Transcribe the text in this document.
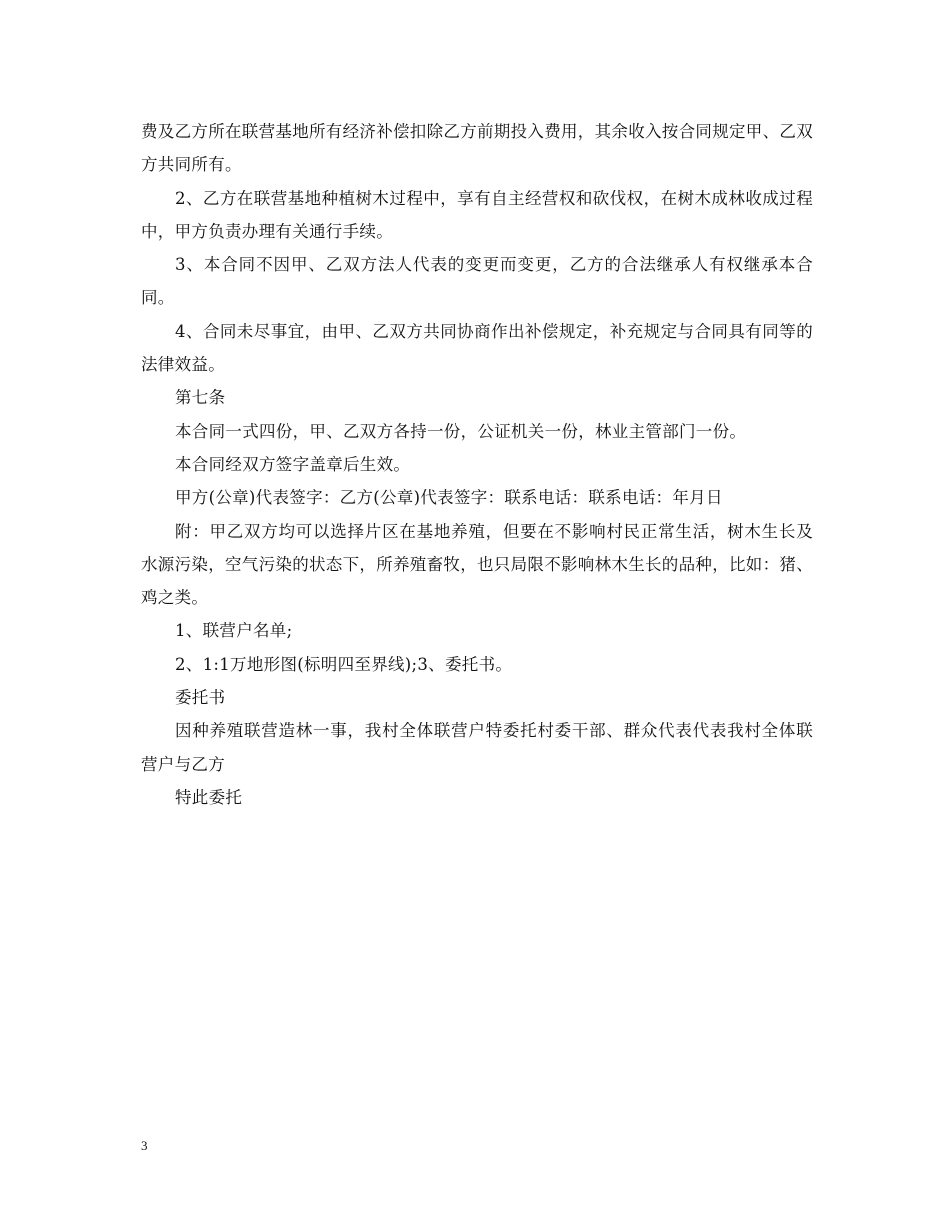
费及乙方所在联营基地所有经济补偿扣除乙方前期投入费用，其余收入按合同规定甲、乙双方共同所有。

2、乙方在联营基地种植树木过程中，享有自主经营权和砍伐权，在树木成林收成过程中，甲方负责办理有关通行手续。

3、本合同不因甲、乙双方法人代表的变更而变更，乙方的合法继承人有权继承本合同。

4、合同未尽事宜，由甲、乙双方共同协商作出补偿规定，补充规定与合同具有同等的法律效益。

第七条

本合同一式四份，甲、乙双方各持一份，公证机关一份，林业主管部门一份。

本合同经双方签字盖章后生效。

甲方(公章)代表签字：乙方(公章)代表签字：联系电话：联系电话：年月日

附：甲乙双方均可以选择片区在基地养殖，但要在不影响村民正常生活，树木生长及水源污染，空气污染的状态下，所养殖畜牧，也只局限不影响林木生长的品种，比如：猪、鸡之类。

1、联营户名单;

2、1:1万地形图(标明四至界线);3、委托书。

委托书

因种养殖联营造林一事，我村全体联营户特委托村委干部、群众代表代表我村全体联营户与乙方

特此委托

3
